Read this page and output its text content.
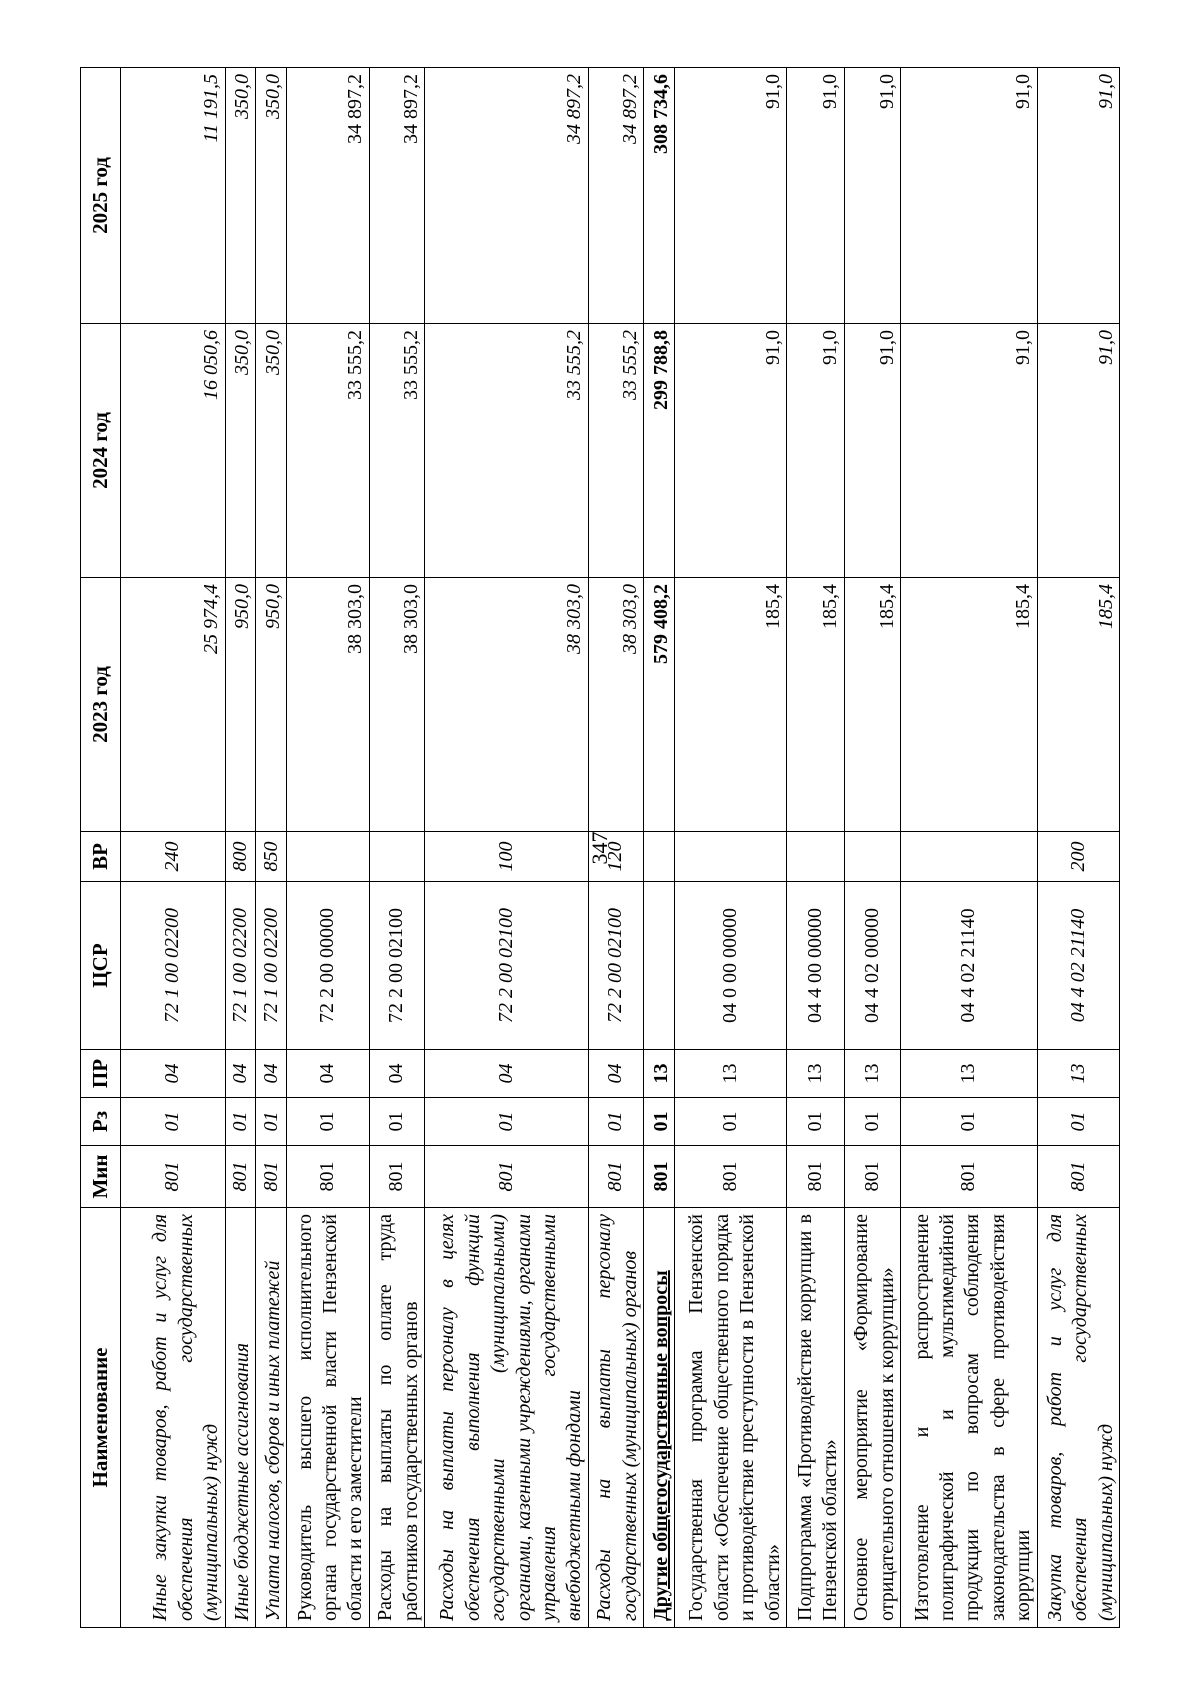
347
Наименование	Мин	Рз	ПР	ЦСР	ВР	2023 год	2024 год	2025 год
Иные закупки товаров, работ и услуг для обеспечения государственных (муниципальных) нужд	801	01	04	72 1 00 02200	240	25 974,4	16 050,6	11 191,5
Иные бюджетные ассигнования	801	01	04	72 1 00 02200	800	950,0	350,0	350,0
Уплата налогов, сборов и иных платежей	801	01	04	72 1 00 02200	850	950,0	350,0	350,0
Руководитель высшего исполнительного органа государственной власти Пензенской области и его заместители	801	01	04	72 2 00 00000		38 303,0	33 555,2	34 897,2
Расходы на выплаты по оплате труда работников государственных органов	801	01	04	72 2 00 02100		38 303,0	33 555,2	34 897,2
Расходы на выплаты персоналу в целях обеспечения выполнения функций государственными (муниципальными) органами, казенными учреждениями, органами управления государственными внебюджетными фондами	801	01	04	72 2 00 02100	100	38 303,0	33 555,2	34 897,2
Расходы на выплаты персоналу государственных (муниципальных) органов	801	01	04	72 2 00 02100	120	38 303,0	33 555,2	34 897,2
Другие общегосударственные вопросы	801	01	13			579 408,2	299 788,8	308 734,6
Государственная программа Пензенской области «Обеспечение общественного порядка и противодействие преступности в Пензенской области»	801	01	13	04 0 00 00000		185,4	91,0	91,0
Подпрограмма «Противодействие коррупции в Пензенской области»	801	01	13	04 4 00 00000		185,4	91,0	91,0
Основное мероприятие «Формирование отрицательного отношения к коррупции»	801	01	13	04 4 02 00000		185,4	91,0	91,0
Изготовление и распространение полиграфической и мультимедийной продукции по вопросам соблюдения законодательства в сфере противодействия коррупции	801	01	13	04 4 02 21140		185,4	91,0	91,0
Закупка товаров, работ и услуг для обеспечения государственных (муниципальных) нужд	801	01	13	04 4 02 21140	200	185,4	91,0	91,0
